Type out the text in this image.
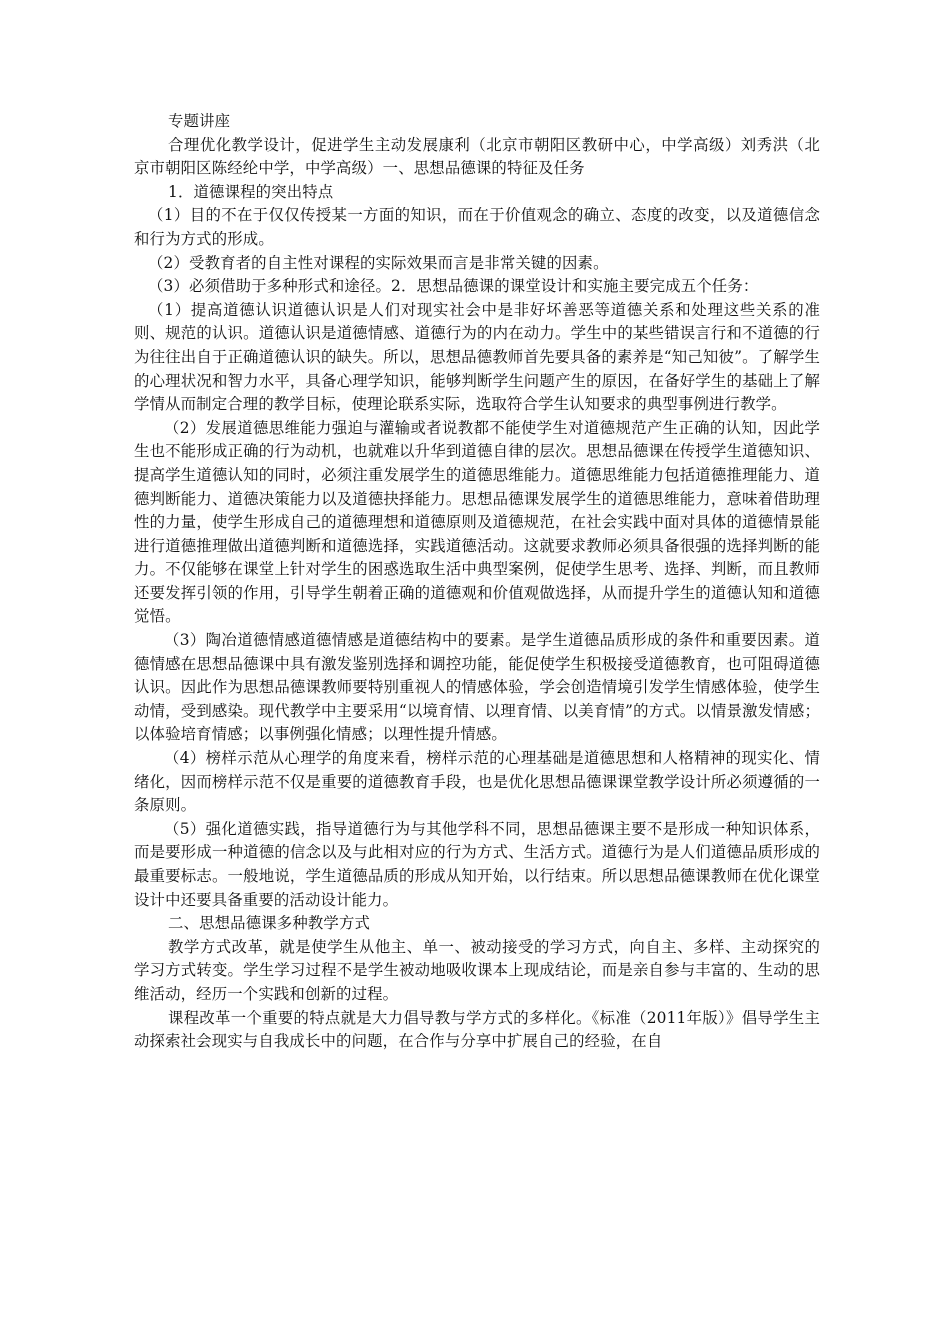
专题讲座

合理优化教学设计，促进学生主动发展康利（北京市朝阳区教研中心，中学高级）刘秀洪（北京市朝阳区陈经纶中学，中学高级）一、思想品德课的特征及任务

1．道德课程的突出特点

（1）目的不在于仅仅传授某一方面的知识，而在于价值观念的确立、态度的改变，以及道德信念和行为方式的形成。

（2）受教育者的自主性对课程的实际效果而言是非常关键的因素。

（3）必须借助于多种形式和途径。2．思想品德课的课堂设计和实施主要完成五个任务：

（1）提高道德认识道德认识是人们对现实社会中是非好坏善恶等道德关系和处理这些关系的准则、规范的认识。道德认识是道德情感、道德行为的内在动力。学生中的某些错误言行和不道德的行为往往出自于正确道德认识的缺失。所以，思想品德教师首先要具备的素养是“知己知彼”。了解学生的心理状况和智力水平，具备心理学知识，能够判断学生问题产生的原因，在备好学生的基础上了解学情从而制定合理的教学目标，使理论联系实际，选取符合学生认知要求的典型事例进行教学。

（2）发展道德思维能力强迫与灌输或者说教都不能使学生对道德规范产生正确的认知，因此学生也不能形成正确的行为动机，也就难以升华到道德自律的层次。思想品德课在传授学生道德知识、提高学生道德认知的同时，必须注重发展学生的道德思维能力。道德思维能力包括道德推理能力、道德判断能力、道德决策能力以及道德抉择能力。思想品德课发展学生的道德思维能力，意味着借助理性的力量，使学生形成自己的道德理想和道德原则及道德规范，在社会实践中面对具体的道德情景能进行道德推理做出道德判断和道德选择，实践道德活动。这就要求教师必须具备很强的选择判断的能力。不仅能够在课堂上针对学生的困惑选取生活中典型案例，促使学生思考、选择、判断，而且教师还要发挥引领的作用，引导学生朝着正确的道德观和价值观做选择，从而提升学生的道德认知和道德觉悟。

（3）陶冶道德情感道德情感是道德结构中的要素。是学生道德品质形成的条件和重要因素。道德情感在思想品德课中具有激发鉴别选择和调控功能，能促使学生积极接受道德教育，也可阻碍道德认识。因此作为思想品德课教师要特别重视人的情感体验，学会创造情境引发学生情感体验，使学生动情，受到感染。现代教学中主要采用“以境育情、以理育情、以美育情”的方式。以情景激发情感；以体验培育情感；以事例强化情感；以理性提升情感。

（4）榜样示范从心理学的角度来看，榜样示范的心理基础是道德思想和人格精神的现实化、情绪化，因而榜样示范不仅是重要的道德教育手段，也是优化思想品德课课堂教学设计所必须遵循的一条原则。

（5）强化道德实践，指导道德行为与其他学科不同，思想品德课主要不是形成一种知识体系，而是要形成一种道德的信念以及与此相对应的行为方式、生活方式。道德行为是人们道德品质形成的最重要标志。一般地说，学生道德品质的形成从知开始，以行结束。所以思想品德课教师在优化课堂设计中还要具备重要的活动设计能力。

二、思想品德课多种教学方式

教学方式改革，就是使学生从他主、单一、被动接受的学习方式，向自主、多样、主动探究的学习方式转变。学生学习过程不是学生被动地吸收课本上现成结论，而是亲自参与丰富的、生动的思维活动，经历一个实践和创新的过程。

课程改革一个重要的特点就是大力倡导教与学方式的多样化。《标准（2011年版）》倡导学生主动探索社会现实与自我成长中的问题，在合作与分享中扩展自己的经验，在自
